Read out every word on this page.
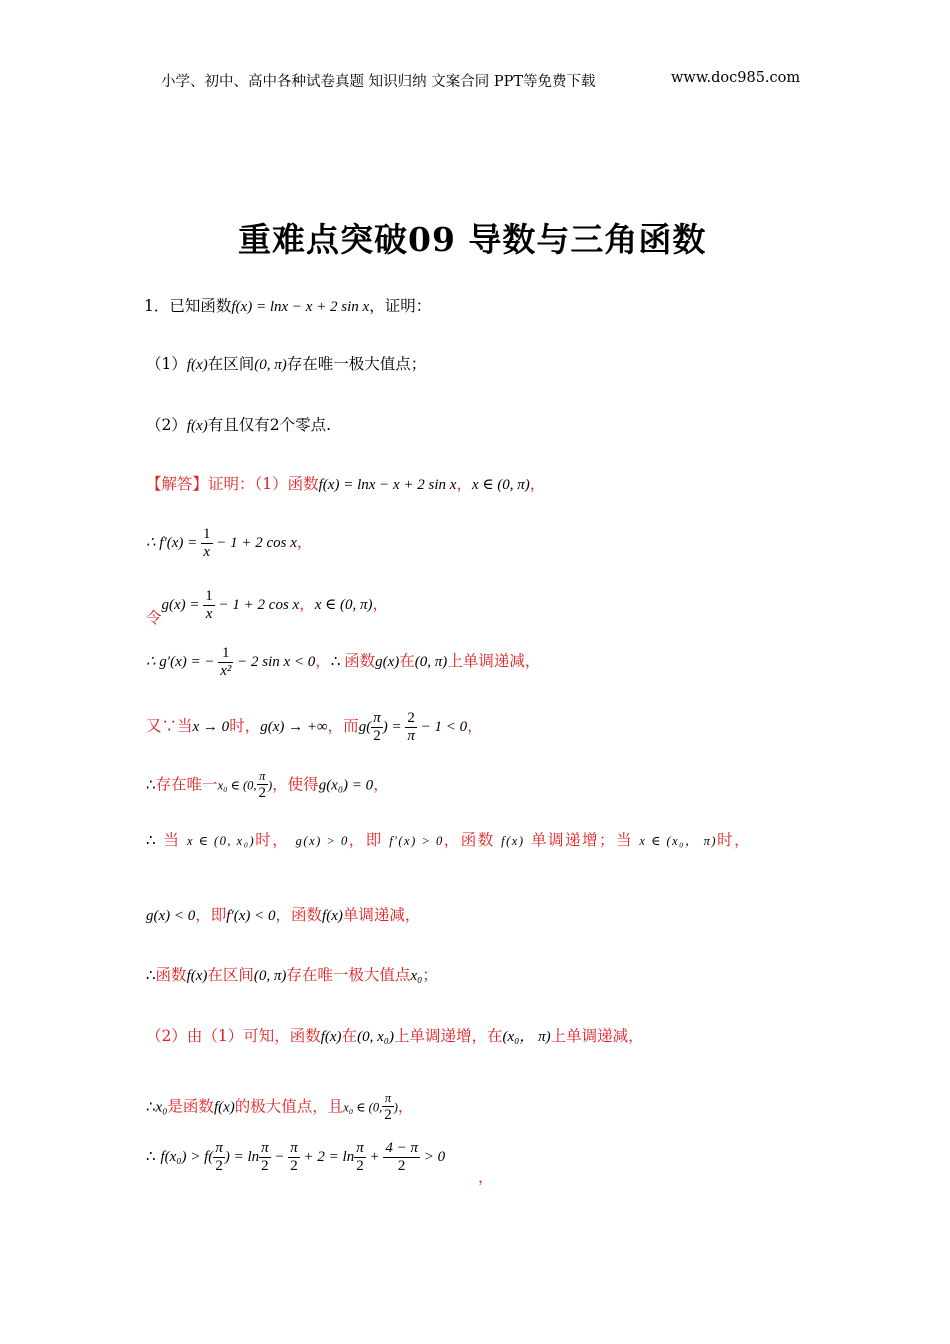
小学、初中、高中各种试卷真题 知识归纳 文案合同 PPT等免费下载	www.doc985.com
重难点突破09 导数与三角函数
1．已知函数f(x) = lnx − x + 2 sin x，证明：
（1）f(x)在区间(0, π)存在唯一极大值点；
（2）f(x)有且仅有2个零点.
【解答】证明：（1）函数f(x) = lnx − x + 2 sin x，x ∈ (0, π)，
∴ $f'(x) = \frac{1}{x} - 1 + 2$ cos x，
令$g(x) = \frac{1}{x} - 1 + 2$ cos x，x ∈ (0, π)，
∴ g′(x) = − $\frac{1}{\text{x²}} - 2$ sin x < 0，∴ 函数g(x)在(0, π)上单调递减，
又∵当x → 0时，g(x) → +∞，而$g( \frac{\pi}{2}$ ) = $\frac{2}{\pi} - 1 < 0$，
∴存在唯一x₀ ∈ (0, $\frac{\pi}{2}$ )，使得g(x₀) = 0，
∴ 当 x ∈ (0, x₀)时， g(x) > 0，即 f′(x) > 0，函数 f(x) 单调递增；当 x ∈ (x₀， π)时，
g(x) < 0，即f′(x) < 0，函数f(x)单调递减，
∴函数f(x)在区间(0, π)存在唯一极大值点x₀；
（2）由（1）可知，函数f(x)在(0, x₀)上单调递增，在(x₀， π)上单调递减，
∴x₀是函数f(x)的极大值点，且x₀ ∈ (0, $\frac{\pi}{2}$ )，
∴ $f(x_0) > f( \frac{\pi}{2}$ ) = $\ln \frac{\pi}{2} - \frac{\pi}{2} + 2 = \ln \frac{\pi}{2} + \frac{4 - \pi}{2} > 0$
，
